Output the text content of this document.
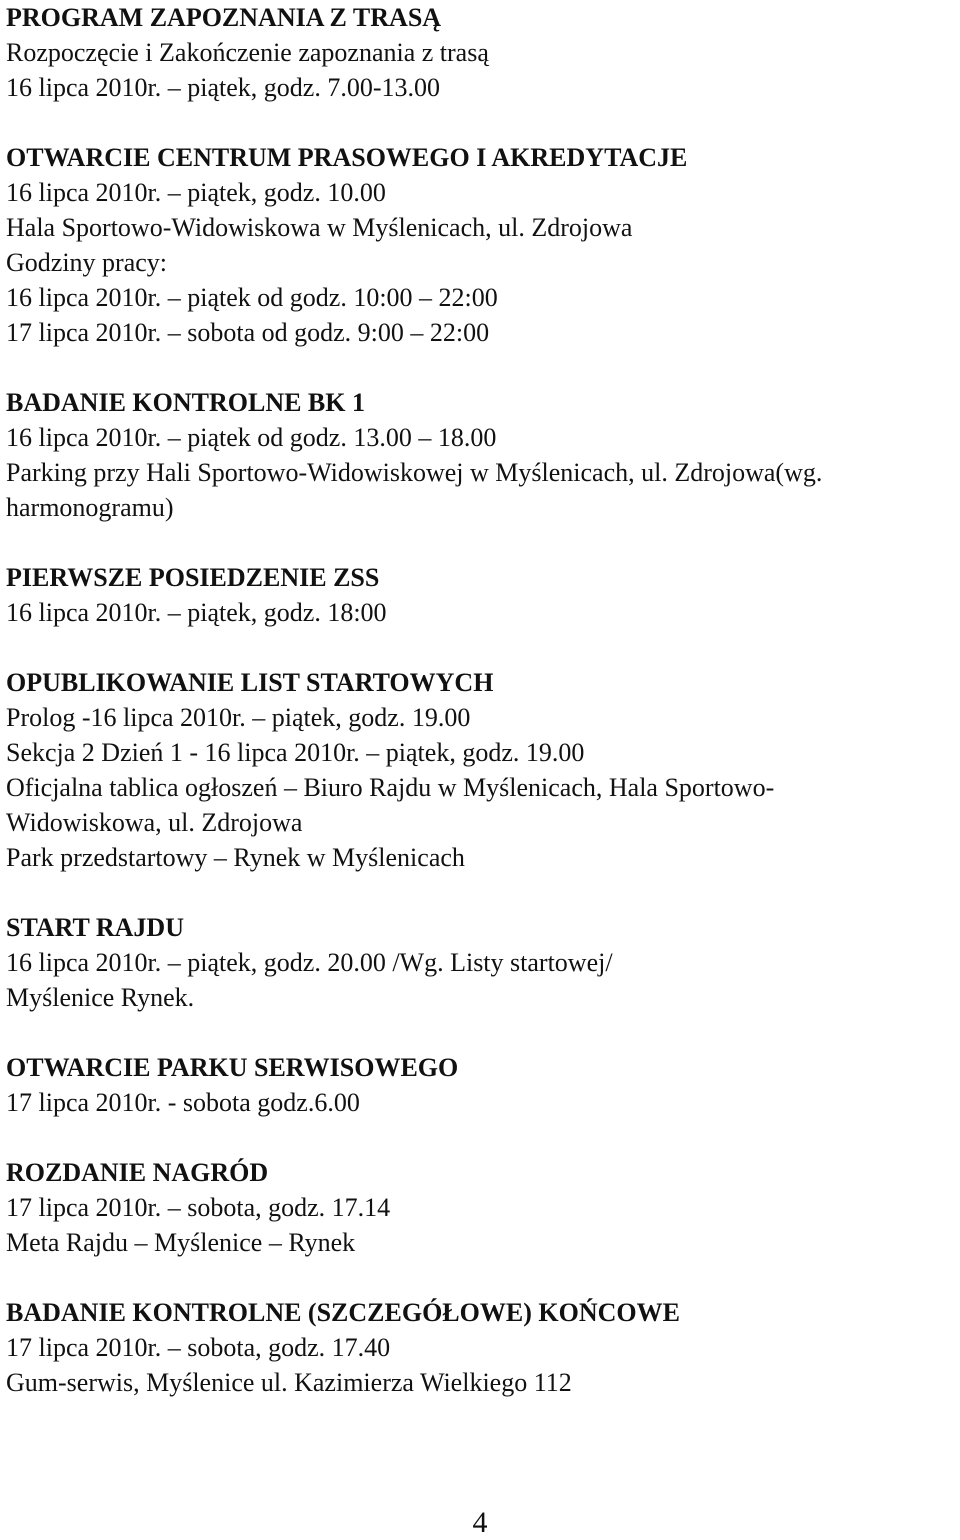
PROGRAM ZAPOZNANIA Z TRASĄ
Rozpoczęcie i Zakończenie zapoznania z trasą
16 lipca 2010r. – piątek, godz. 7.00-13.00
OTWARCIE CENTRUM PRASOWEGO I AKREDYTACJE
16 lipca 2010r. – piątek, godz. 10.00
Hala Sportowo-Widowiskowa w Myślenicach, ul. Zdrojowa
Godziny pracy:
16 lipca 2010r. – piątek od godz. 10:00 – 22:00
17 lipca 2010r. – sobota od godz. 9:00 – 22:00
BADANIE KONTROLNE BK 1
16 lipca 2010r. – piątek od godz. 13.00 – 18.00
Parking przy Hali Sportowo-Widowiskowej w Myślenicach, ul. Zdrojowa(wg.
harmonogramu)
PIERWSZE POSIEDZENIE ZSS
16 lipca 2010r. – piątek, godz. 18:00
OPUBLIKOWANIE LIST STARTOWYCH
Prolog -16 lipca 2010r. – piątek, godz. 19.00
Sekcja 2 Dzień 1 - 16 lipca 2010r. – piątek, godz. 19.00
Oficjalna tablica ogłoszeń – Biuro Rajdu w Myślenicach, Hala Sportowo-
Widowiskowa, ul. Zdrojowa
Park przedstartowy – Rynek w Myślenicach
START RAJDU
16 lipca 2010r. – piątek, godz. 20.00 /Wg. Listy startowej/
Myślenice Rynek.
OTWARCIE PARKU SERWISOWEGO
17 lipca 2010r. - sobota godz.6.00
ROZDANIE NAGRÓD
17 lipca 2010r. – sobota, godz. 17.14
Meta Rajdu – Myślenice – Rynek
BADANIE KONTROLNE (SZCZEGÓŁOWE) KOŃCOWE
17 lipca 2010r. – sobota, godz. 17.40
Gum-serwis, Myślenice ul. Kazimierza Wielkiego 112
4
